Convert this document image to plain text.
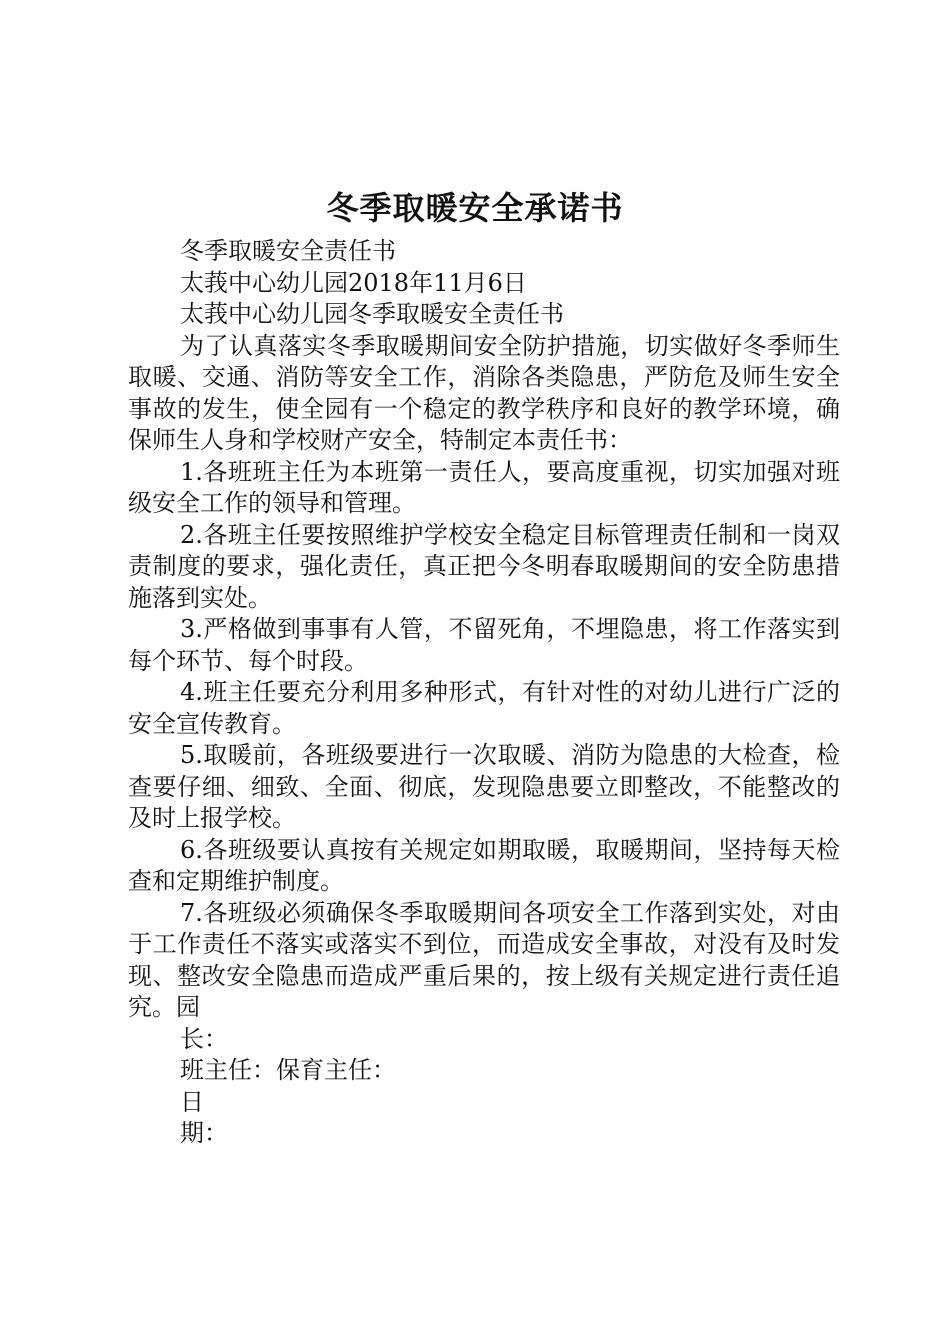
冬季取暖安全承诺书
冬季取暖安全责任书
太莪中心幼儿园2018年11月6日
太莪中心幼儿园冬季取暖安全责任书

为了认真落实冬季取暖期间安全防护措施，切实做好冬季师生取暖、交通、消防等安全工作，消除各类隐患，严防危及师生安全事故的发生，使全园有一个稳定的教学秩序和良好的教学环境，确保师生人身和学校财产安全，特制定本责任书：

1.各班班主任为本班第一责任人，要高度重视，切实加强对班级安全工作的领导和管理。

2.各班主任要按照维护学校安全稳定目标管理责任制和一岗双责制度的要求，强化责任，真正把今冬明春取暖期间的安全防患措施落到实处。

3.严格做到事事有人管，不留死角，不埋隐患，将工作落实到每个环节、每个时段。

4.班主任要充分利用多种形式，有针对性的对幼儿进行广泛的安全宣传教育。

5.取暖前，各班级要进行一次取暖、消防为隐患的大检查，检查要仔细、细致、全面、彻底，发现隐患要立即整改，不能整改的及时上报学校。

6.各班级要认真按有关规定如期取暖，取暖期间，坚持每天检查和定期维护制度。

7.各班级必须确保冬季取暖期间各项安全工作落到实处，对由于工作责任不落实或落实不到位，而造成安全事故，对没有及时发现、整改安全隐患而造成严重后果的，按上级有关规定进行责任追究。园

长：
班主任：保育主任：
日
期：
